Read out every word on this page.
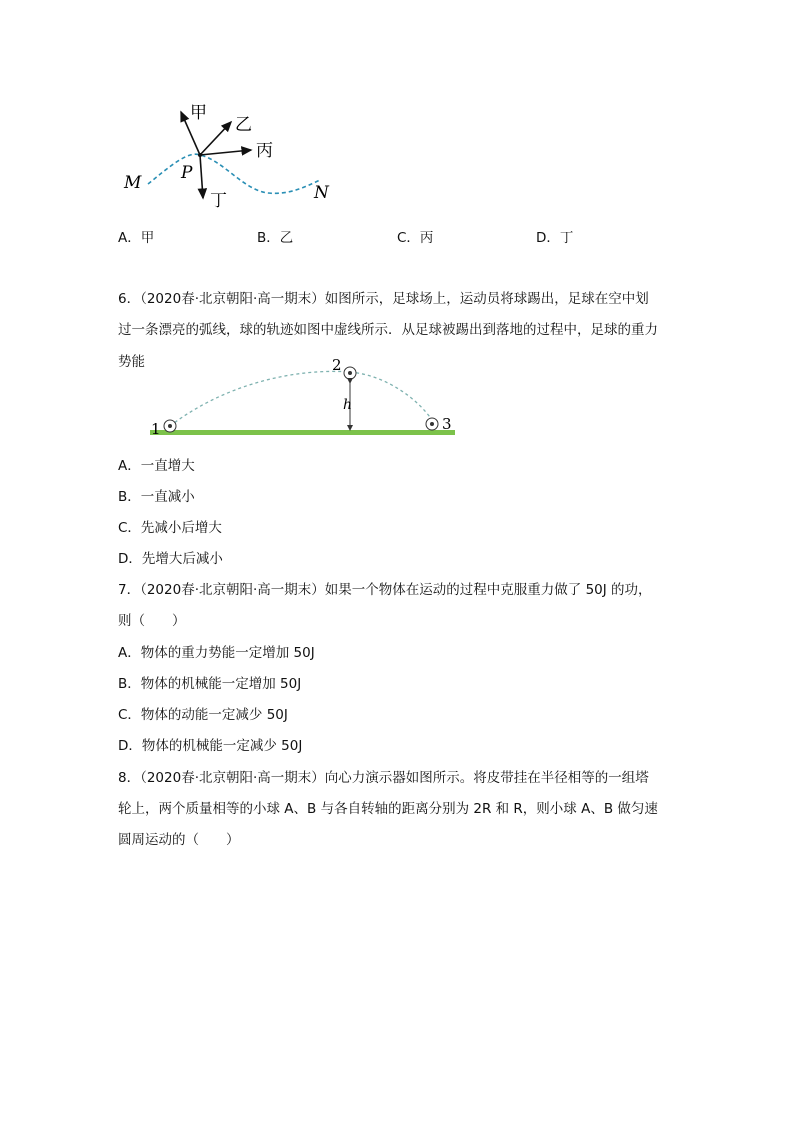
甲
乙
丙
丁
M	N
P
A．甲	B．乙	C．丙	D．丁
6．（2020春·北京朝阳·高一期末）如图所示，足球场上，运动员将球踢出，足球在空中划
过一条漂亮的弧线，球的轨迹如图中虚线所示．从足球被踢出到落地的过程中，足球的重力
势能
1
2
3
h
A．一直增大
B．一直减小
C．先减小后增大
D．先增大后减小
7．（2020春·北京朝阳·高一期末）如果一个物体在运动的过程中克服重力做了 50J 的功，
则（　　）
A．物体的重力势能一定增加 50J
B．物体的机械能一定增加 50J
C．物体的动能一定减少 50J
D．物体的机械能一定减少 50J
8．（2020春·北京朝阳·高一期末）向心力演示器如图所示。将皮带挂在半径相等的一组塔
轮上，两个质量相等的小球 A、B 与各自转轴的距离分别为 2R 和 R，则小球 A、B 做匀速
圆周运动的（　　）
